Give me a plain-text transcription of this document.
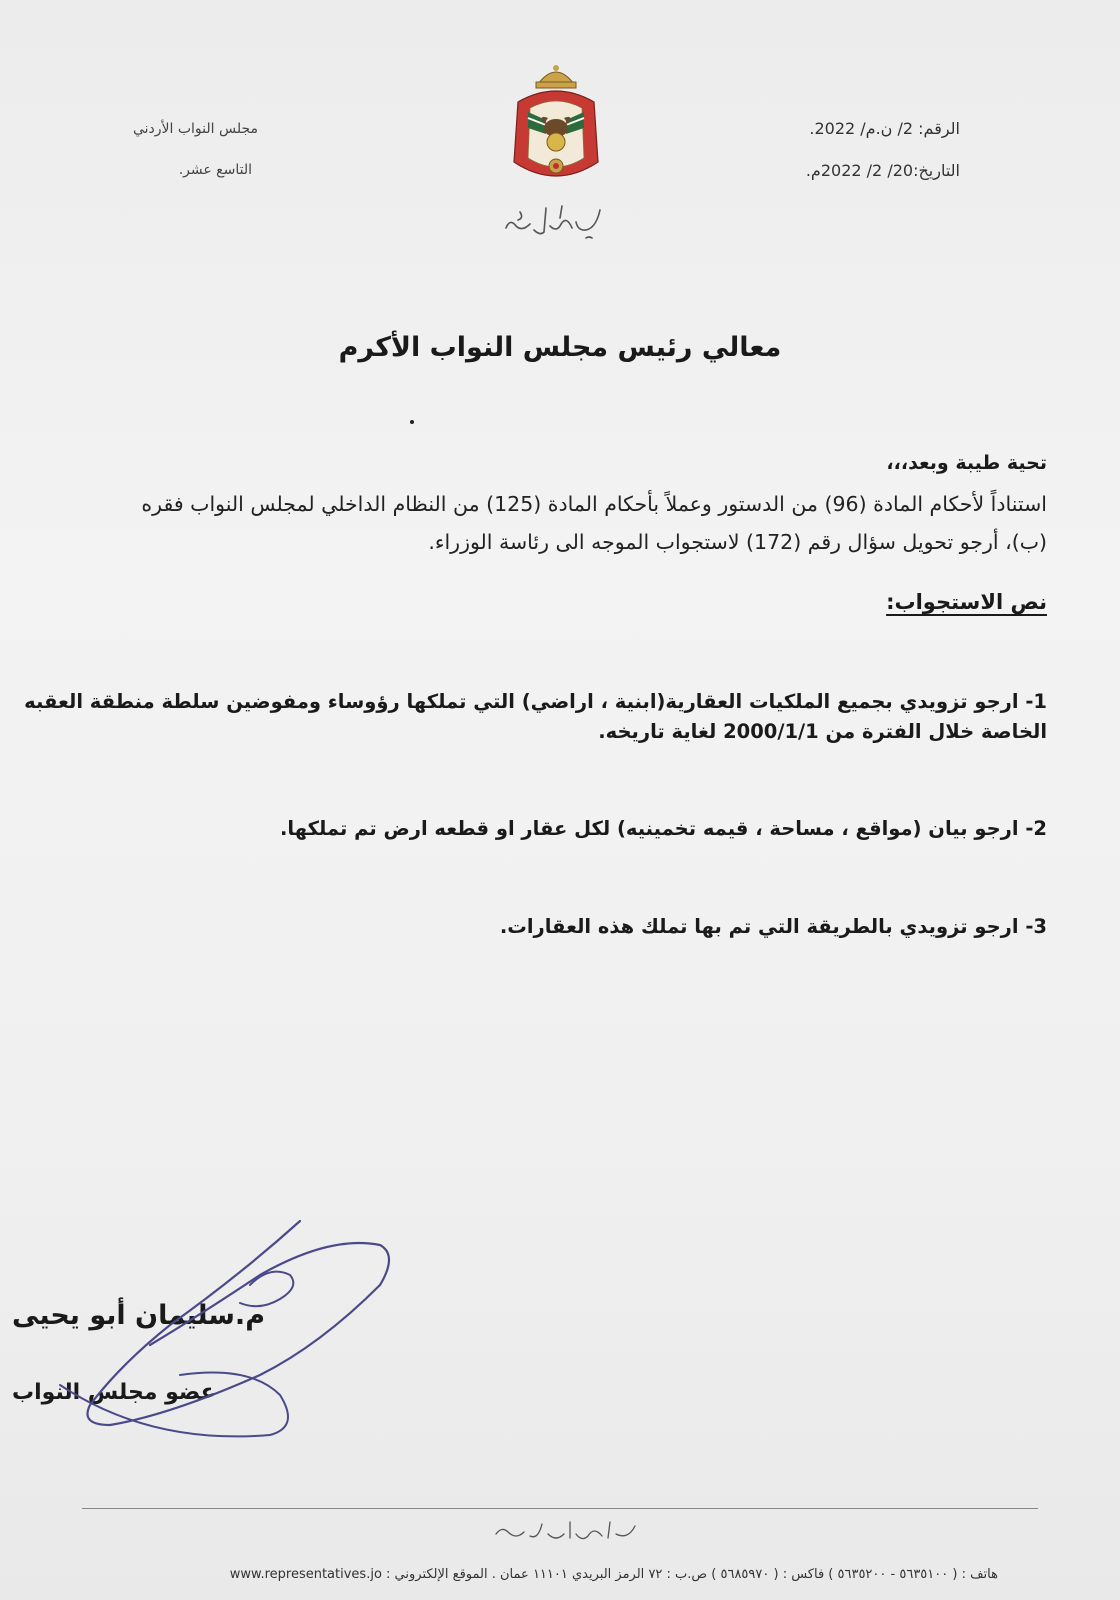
الرقم: 2/ ن.م/ 2022.

التاريخ:20/ 2/ 2022م.

مجلس النواب الأردني

التاسع عشر.

معالي رئيس مجلس النواب الأكرم

تحية طيبة وبعد،،،

استناداً لأحكام المادة (96) من الدستور وعملاً بأحكام المادة (125) من النظام الداخلي لمجلس النواب فقره

(ب)، أرجو تحويل سؤال رقم (172) لاستجواب الموجه الى رئاسة الوزراء.

نص الاستجواب:

1- ارجو تزويدي بجميع الملكيات العقارية(ابنية ، اراضي) التي تملكها رؤوساء ومفوضين سلطة منطقة العقبه

الخاصة خلال الفترة من 2000/1/1 لغاية تاريخه.

2- ارجو بيان (مواقع ، مساحة ، قيمه تخمينيه) لكل عقار او قطعه ارض تم تملكها.

3- ارجو تزويدي بالطريقة التي تم بها تملك هذه العقارات.

م.سليمان أبو يحيى

عضو مجلس النواب

هاتف : ( ٥٦٣٥١٠٠ - ٥٦٣٥٢٠٠ ) فاكس : ( ٥٦٨٥٩٧٠ ) ص.ب : ٧٢ الرمز البريدي ١١١٠١ عمان . الموقع الإلكتروني : www.representatives.jo
